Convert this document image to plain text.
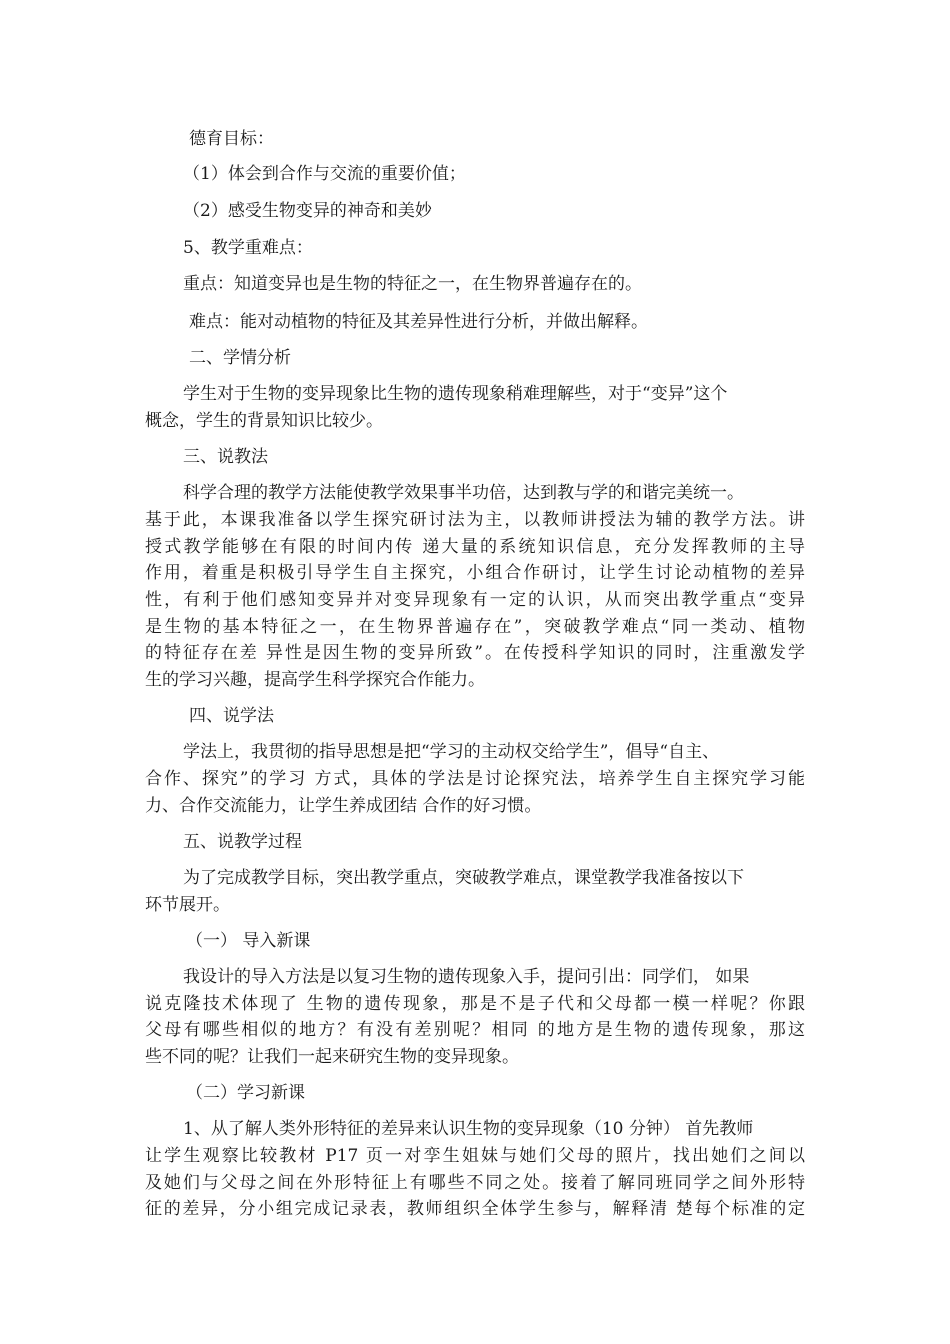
德育目标：
（1）体会到合作与交流的重要价值；
（2）感受生物变异的神奇和美妙
5、教学重难点：
重点：知道变异也是生物的特征之一，在生物界普遍存在的。
难点：能对动植物的特征及其差异性进行分析，并做出解释。
二、学情分析
学生对于生物的变异现象比生物的遗传现象稍难理解些，对于“变异”这个
概念，学生的背景知识比较少。
三、说教法
科学合理的教学方法能使教学效果事半功倍，达到教与学的和谐完美统一。
基于此，本课我准备以学生探究研讨法为主，以教师讲授法为辅的教学方法。讲
授式教学能够在有限的时间内传 递大量的系统知识信息，充分发挥教师的主导
作用，着重是积极引导学生自主探究，小组合作研讨，让学生讨论动植物的差异
性，有利于他们感知变异并对变异现象有一定的认识，从而突出教学重点“变异
是生物的基本特征之一，在生物界普遍存在”，突破教学难点“同一类动、植物
的特征存在差 异性是因生物的变异所致”。在传授科学知识的同时，注重激发学
生的学习兴趣，提高学生科学探究合作能力。
四、说学法
学法上，我贯彻的指导思想是把“学习的主动权交给学生”，倡导“自主、
合作、探究”的学习 方式，具体的学法是讨论探究法，培养学生自主探究学习能
力、合作交流能力，让学生养成团结 合作的好习惯。
五、说教学过程
为了完成教学目标，突出教学重点，突破教学难点，课堂教学我准备按以下
环节展开。
（一） 导入新课
我设计的导入方法是以复习生物的遗传现象入手，提问引出：同学们， 如果
说克隆技术体现了 生物的遗传现象，那是不是子代和父母都一模一样呢？你跟
父母有哪些相似的地方？有没有差别呢？相同 的地方是生物的遗传现象，那这
些不同的呢？让我们一起来研究生物的变异现象。
（二）学习新课
1、从了解人类外形特征的差异来认识生物的变异现象（10 分钟） 首先教师
让学生观察比较教材 P17 页一对孪生姐妹与她们父母的照片，找出她们之间以
及她们与父母之间在外形特征上有哪些不同之处。接着了解同班同学之间外形特
征的差异，分小组完成记录表，教师组织全体学生参与，解释清 楚每个标准的定
